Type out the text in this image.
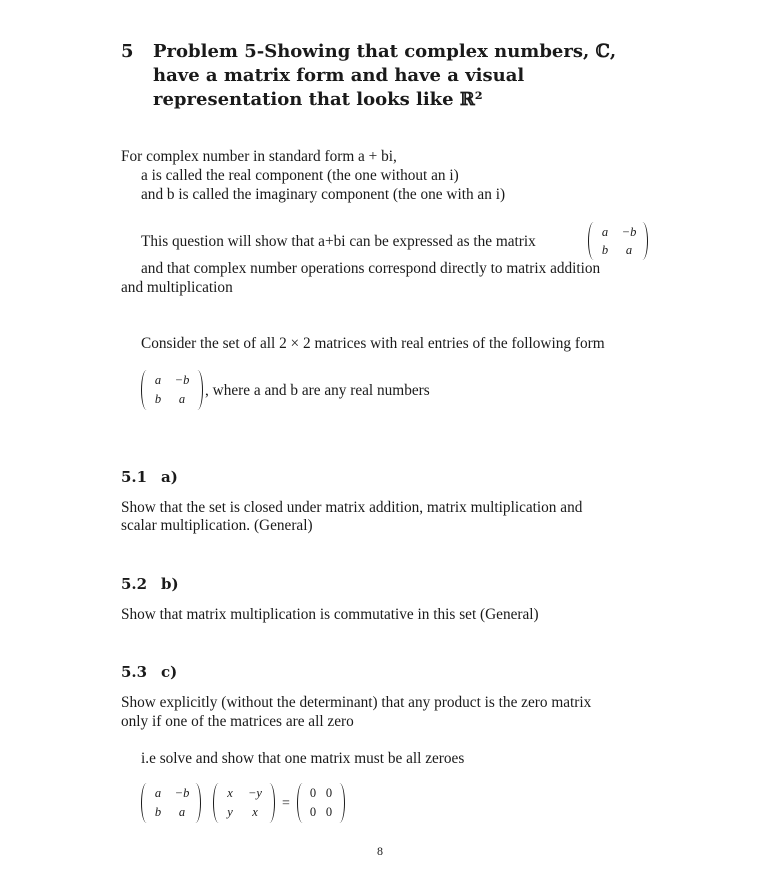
5 Problem 5-Showing that complex numbers, ℂ, have a matrix form and have a visual representation that looks like ℝ²
For complex number in standard form a + bi,
a is called the real component (the one without an i)
and b is called the imaginary component (the one with an i)
This question will show that a+bi can be expressed as the matrix
a	−b
b	a
and that complex number operations correspond directly to matrix addition
and multiplication
Consider the set of all 2 × 2 matrices with real entries of the following form
a	−b
b	a , where a and b are any real numbers
5.1 a)
Show that the set is closed under matrix addition, matrix multiplication and
scalar multiplication. (General)
5.2 b)
Show that matrix multiplication is commutative in this set (General)
5.3 c)
Show explicitly (without the determinant) that any product is the zero matrix
only if one of the matrices are all zero
i.e solve and show that one matrix must be all zeroes
a	−b
b	a
x	−y
y	x
=
0 0
0 0
8
